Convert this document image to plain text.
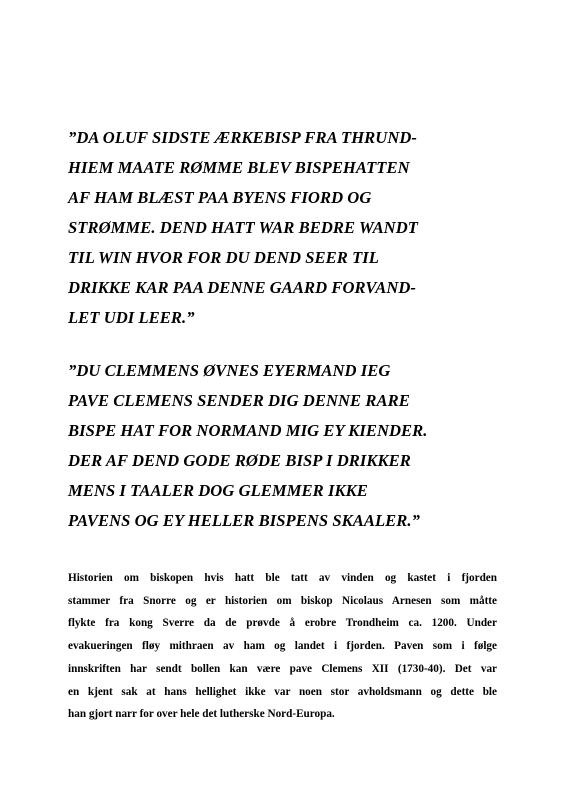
”DA OLUF SIDSTE ÆRKEBISP FRA THRUND-
HIEM MAATE RØMME BLEV BISPEHATTEN
AF HAM BLÆST PAA BYENS FIORD OG
STRØMME. DEND HATT WAR BEDRE WANDT
TIL WIN HVOR FOR DU DEND SEER TIL
DRIKKE KAR PAA DENNE GAARD FORVAND-
LET UDI LEER.”
”DU CLEMMENS ØVNES EYERMAND IEG
PAVE CLEMENS SENDER DIG DENNE RARE
BISPE HAT FOR NORMAND MIG EY KIENDER.
DER AF DEND GODE RØDE BISP I DRIKKER
MENS I TAALER DOG GLEMMER IKKE
PAVENS OG EY HELLER BISPENS SKAALER.”
Historien om biskopen hvis hatt ble tatt av vinden og kastet i fjorden
stammer fra Snorre og er historien om biskop Nicolaus Arnesen som måtte
flykte fra kong Sverre da de prøvde å erobre Trondheim ca. 1200. Under
evakueringen fløy mithraen av ham og landet i fjorden. Paven som i følge
innskriften har sendt bollen kan være pave Clemens XII (1730-40). Det var
en kjent sak at hans hellighet ikke var noen stor avholdsmann og dette ble
han gjort narr for over hele det lutherske Nord-Europa.
